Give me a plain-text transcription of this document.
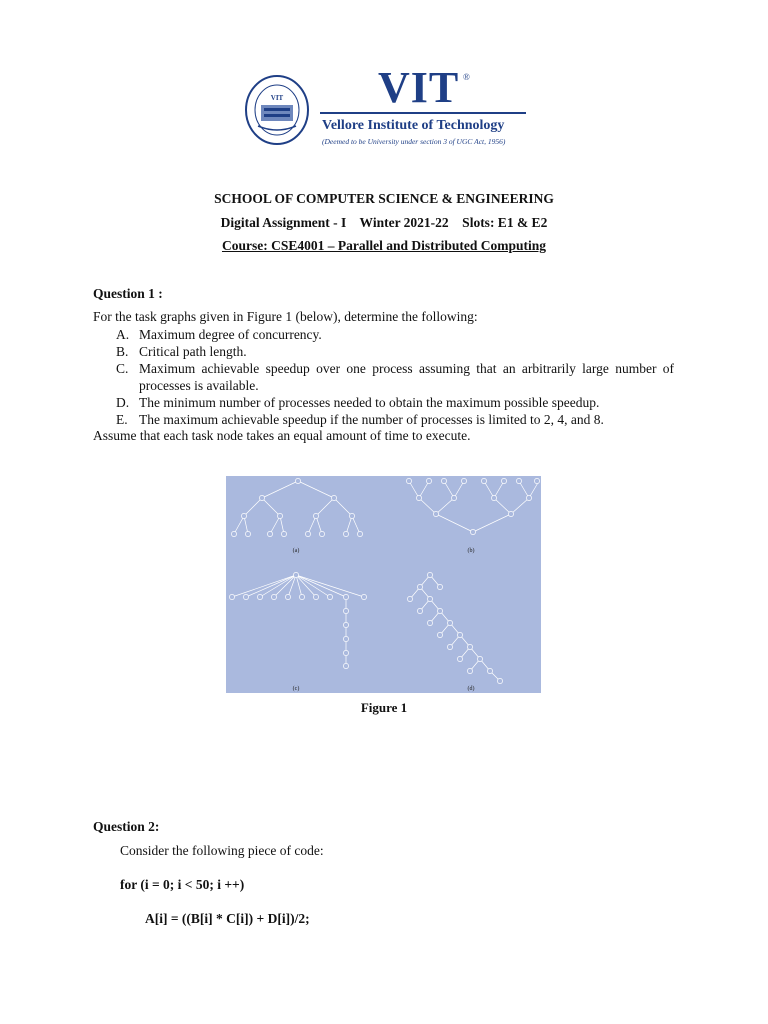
VIT VIT ®
Vellore Institute of Technology
(Deemed to be University under section 3 of UGC Act, 1956)
SCHOOL OF COMPUTER SCIENCE & ENGINEERING
Digital Assignment - I    Winter 2021-22    Slots: E1 & E2
Course: CSE4001 – Parallel and Distributed Computing
Question 1 :
For the task graphs given in Figure 1 (below), determine the following:
A. Maximum degree of concurrency.
B. Critical path length.
C. Maximum achievable speedup over one process assuming that an arbitrarily large number of processes is available.
D. The minimum number of processes needed to obtain the maximum possible speedup.
E. The maximum achievable speedup if the number of processes is limited to 2, 4, and 8.
Assume that each task node takes an equal amount of time to execute.
(a)	(b)
(c)	(d)
Figure 1
Question 2:
Consider the following piece of code:
for (i = 0; i < 50; i ++)
A[i] = ((B[i] * C[i]) + D[i])/2;
